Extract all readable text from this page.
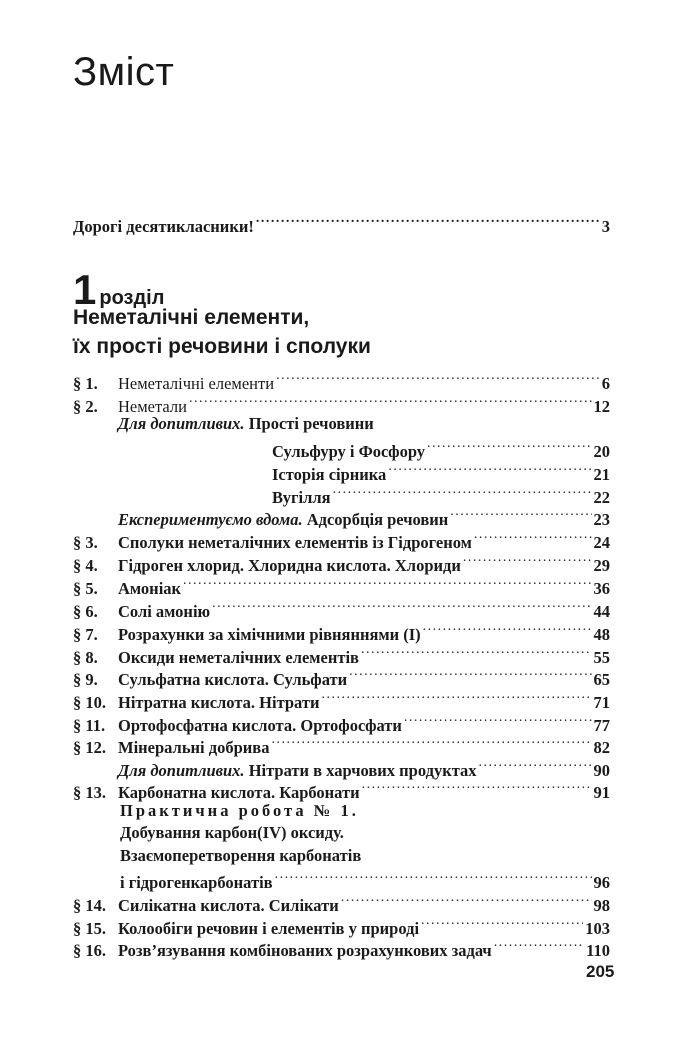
Зміст
Дорогі десятикласники! .....	3
1 розділ
Неметалічні елементи,
їх прості речовини і сполуки
§ 1.	Неметалічні елементи .....	6
§ 2.	Неметали .....	12
Для допитливих. Прості речовини
Сульфуру і Фосфору .....	20
Історія сірника .....	21
Вугілля .....	22
Експериментуємо вдома. Адсорбція речовин .....	23
§ 3.	Сполуки неметалічних елементів із Гідрогеном .....	24
§ 4.	Гідроген хлорид. Хлоридна кислота. Хлориди .....	29
§ 5.	Амоніак .....	36
§ 6.	Солі амонію .....	44
§ 7.	Розрахунки за хімічними рівняннями (І) .....	48
§ 8.	Оксиди неметалічних елементів .....	55
§ 9.	Сульфатна кислота. Сульфати .....	65
§ 10. Нітратна кислота. Нітрати .....	71
§ 11. Ортофосфатна кислота. Ортофосфати .....	77
§ 12. Мінеральні добрива .....	82
Для допитливих. Нітрати в харчових продуктах .....	90
§ 13. Карбонатна кислота. Карбонати .....	91
Практична робота № 1.
Добування карбон(IV) оксиду.
Взаємоперетворення карбонатів
і гідрогенкарбонатів .....	96
§ 14. Силікатна кислота. Силікати .....	98
§ 15. Колообіги речовин і елементів у природі .....	103
§ 16. Розв’язування комбінованих розрахункових задач .....	110
205
